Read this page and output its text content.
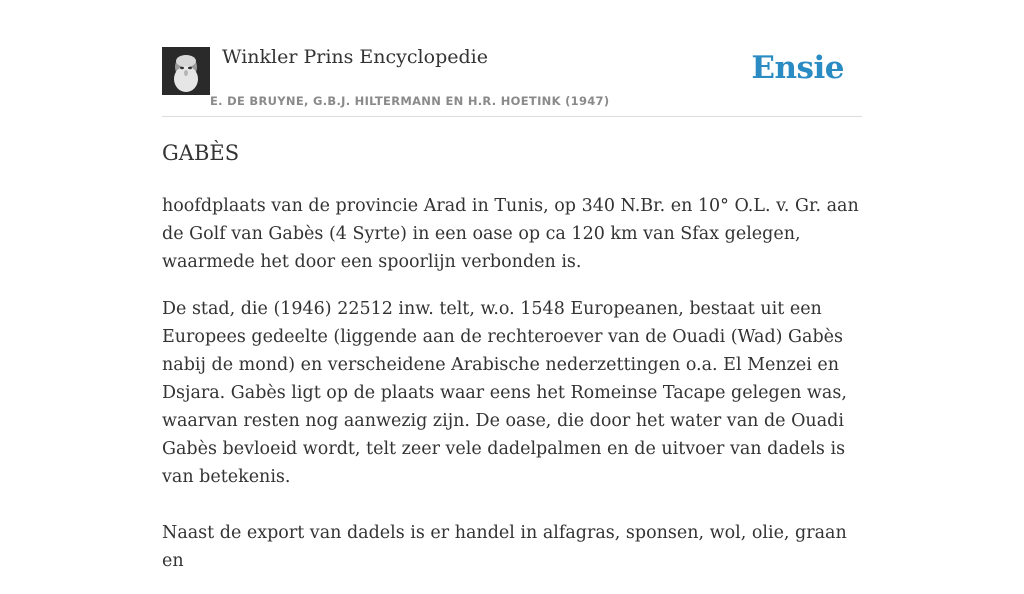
Winkler Prins Encyclopedie
E. DE BRUYNE, G.B.J. HILTERMANN EN H.R. HOETINK (1947)
Ensie
GABÈS

hoofdplaats van de provincie Arad in Tunis, op 340 N.Br. en 10° O.L. v. Gr. aan de Golf van Gabès (4 Syrte) in een oase op ca 120 km van Sfax gelegen, waarmede het door een spoorlijn verbonden is.

De stad, die (1946) 22512 inw. telt, w.o. 1548 Europeanen, bestaat uit een Europees gedeelte (liggende aan de rechteroever van de Ouadi (Wad) Gabès nabij de mond) en verscheidene Arabische nederzettingen o.a. El Menzei en Dsjara. Gabès ligt op de plaats waar eens het Romeinse Tacape gelegen was, waarvan resten nog aanwezig zijn. De oase, die door het water van de Ouadi Gabès bevloeid wordt, telt zeer vele dadelpalmen en de uitvoer van dadels is van betekenis.

Naast de export van dadels is er handel in alfagras, sponsen, wol, olie, graan en
